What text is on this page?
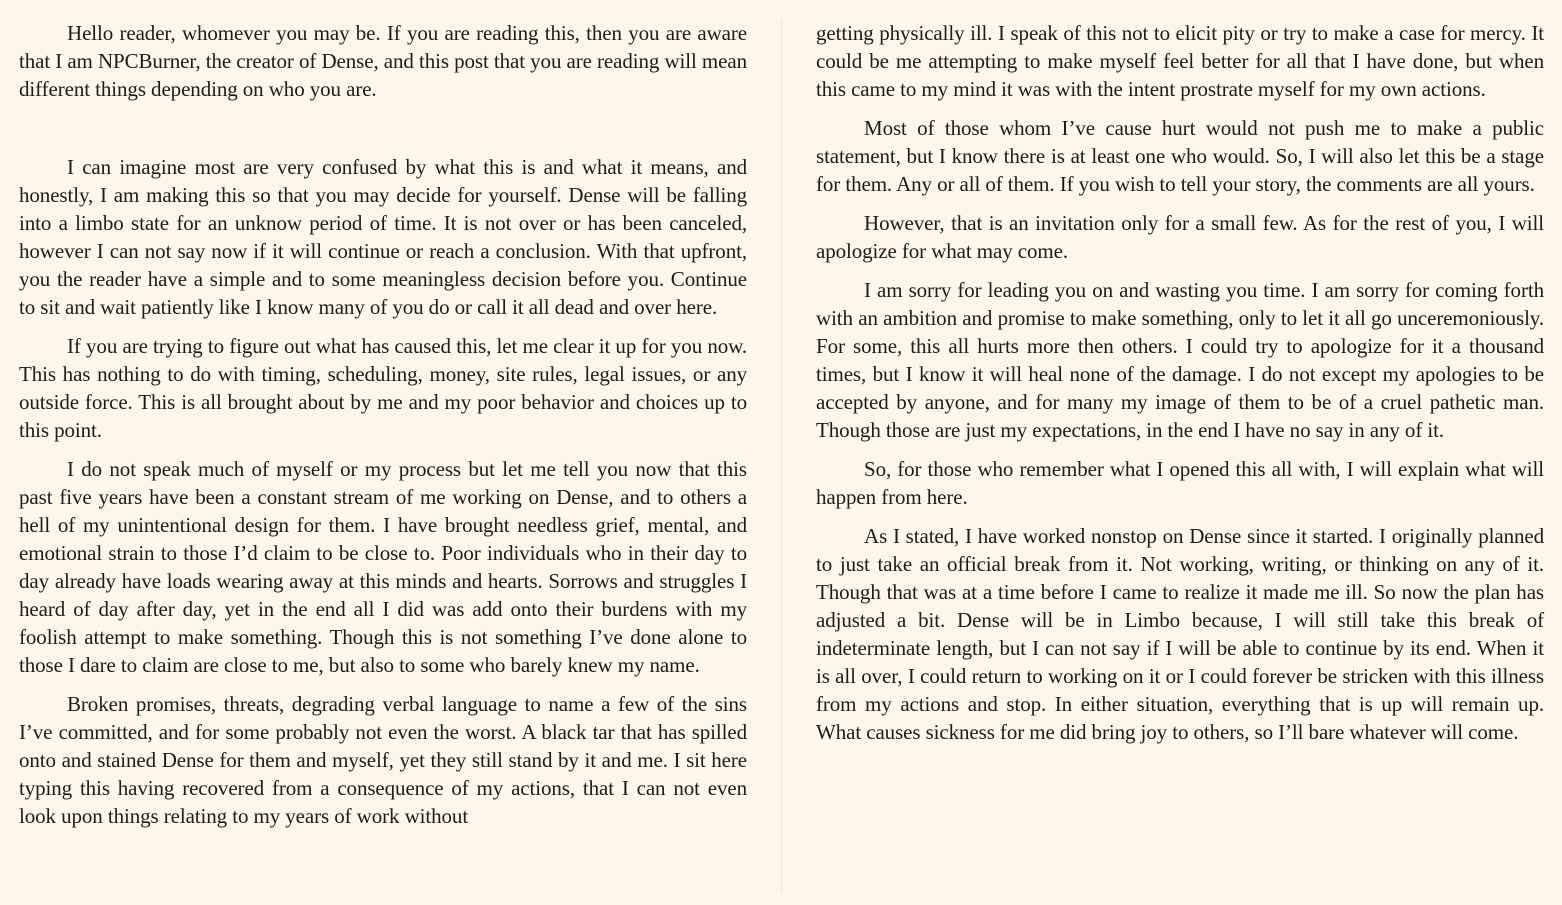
Hello reader, whomever you may be. If you are reading this, then you are aware that I am NPCBurner, the creator of Dense, and this post that you are reading will mean different things depending on who you are.

I can imagine most are very confused by what this is and what it means, and honestly, I am making this so that you may decide for yourself. Dense will be falling into a limbo state for an unknow period of time. It is not over or has been canceled, however I can not say now if it will continue or reach a conclusion. With that upfront, you the reader have a simple and to some meaningless decision before you. Continue to sit and wait patiently like I know many of you do or call it all dead and over here.

If you are trying to figure out what has caused this, let me clear it up for you now. This has nothing to do with timing, scheduling, money, site rules, legal issues, or any outside force. This is all brought about by me and my poor behavior and choices up to this point.

I do not speak much of myself or my process but let me tell you now that this past five years have been a constant stream of me working on Dense, and to others a hell of my unintentional design for them. I have brought needless grief, mental, and emotional strain to those I’d claim to be close to. Poor individuals who in their day to day already have loads wearing away at this minds and hearts. Sorrows and struggles I heard of day after day, yet in the end all I did was add onto their burdens with my foolish attempt to make something. Though this is not something I’ve done alone to those I dare to claim are close to me, but also to some who barely knew my name.

Broken promises, threats, degrading verbal language to name a few of the sins I’ve committed, and for some probably not even the worst. A black tar that has spilled onto and stained Dense for them and myself, yet they still stand by it and me. I sit here typing this having recovered from a consequence of my actions, that I can not even look upon things relating to my years of work without

getting physically ill. I speak of this not to elicit pity or try to make a case for mercy. It could be me attempting to make myself feel better for all that I have done, but when this came to my mind it was with the intent prostrate myself for my own actions.

Most of those whom I’ve cause hurt would not push me to make a public statement, but I know there is at least one who would. So, I will also let this be a stage for them. Any or all of them. If you wish to tell your story, the comments are all yours.

However, that is an invitation only for a small few. As for the rest of you, I will apologize for what may come.

I am sorry for leading you on and wasting you time. I am sorry for coming forth with an ambition and promise to make something, only to let it all go unceremoniously. For some, this all hurts more then others. I could try to apologize for it a thousand times, but I know it will heal none of the damage. I do not except my apologies to be accepted by anyone, and for many my image of them to be of a cruel pathetic man. Though those are just my expectations, in the end I have no say in any of it.

So, for those who remember what I opened this all with, I will explain what will happen from here.

As I stated, I have worked nonstop on Dense since it started. I originally planned to just take an official break from it. Not working, writing, or thinking on any of it. Though that was at a time before I came to realize it made me ill. So now the plan has adjusted a bit. Dense will be in Limbo because, I will still take this break of indeterminate length, but I can not say if I will be able to continue by its end. When it is all over, I could return to working on it or I could forever be stricken with this illness from my actions and stop. In either situation, everything that is up will remain up. What causes sickness for me did bring joy to others, so I’ll bare whatever will come.
